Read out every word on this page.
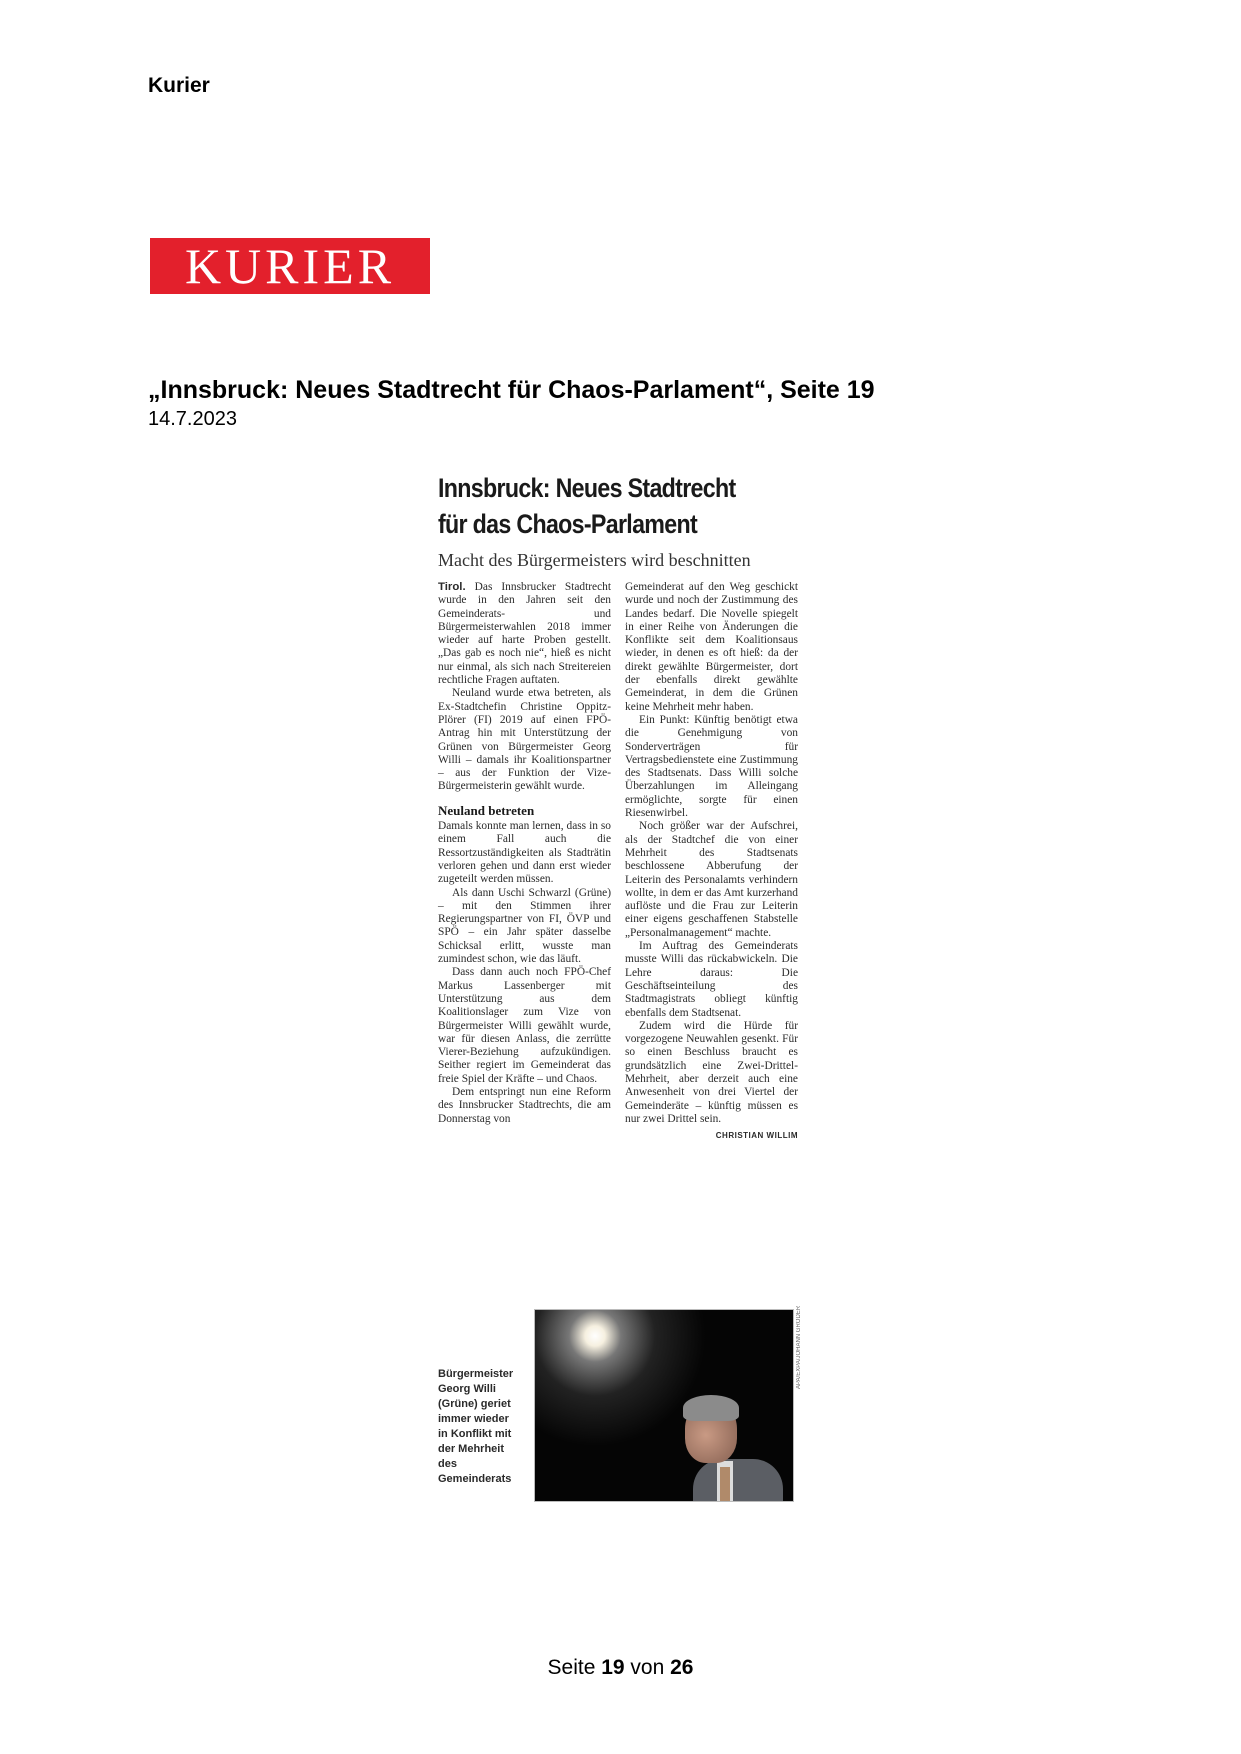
Kurier
KURIER
„Innsbruck: Neues Stadtrecht für Chaos-Parlament“, Seite 19
14.7.2023
Innsbruck: Neues Stadtrecht
für das Chaos-Parlament
Macht des Bürgermeisters wird beschnitten

Tirol. Das Innsbrucker Stadtrecht wurde in den Jahren seit den Gemeinderats- und Bürgermeisterwahlen 2018 immer wieder auf harte Proben gestellt. „Das gab es noch nie“, hieß es nicht nur einmal, als sich nach Streitereien rechtliche Fragen auftaten.

Neuland wurde etwa betreten, als Ex-Stadtchefin Christine Oppitz-Plörer (FI) 2019 auf einen FPÖ-Antrag hin mit Unterstützung der Grünen von Bürgermeister Georg Willi – damals ihr Koalitionspartner – aus der Funktion der Vize-Bürgermeisterin gewählt wurde.

Neuland betreten

Damals konnte man lernen, dass in so einem Fall auch die Ressortzuständigkeiten als Stadträtin verloren gehen und dann erst wieder zugeteilt werden müssen.

Als dann Uschi Schwarzl (Grüne) – mit den Stimmen ihrer Regierungspartner von FI, ÖVP und SPÖ – ein Jahr später dasselbe Schicksal erlitt, wusste man zumindest schon, wie das läuft.

Dass dann auch noch FPÖ-Chef Markus Lassenberger mit Unterstützung aus dem Koalitionslager zum Vize von Bürgermeister Willi gewählt wurde, war für diesen Anlass, die zerrütte Vierer-Beziehung aufzukündigen. Seither regiert im Gemeinderat das freie Spiel der Kräfte – und Chaos.

Dem entspringt nun eine Reform des Innsbrucker Stadtrechts, die am Donnerstag von

Gemeinderat auf den Weg geschickt wurde und noch der Zustimmung des Landes bedarf. Die Novelle spiegelt in einer Reihe von Änderungen die Konflikte seit dem Koalitionsaus wieder, in denen es oft hieß: da der direkt gewählte Bürgermeister, dort der ebenfalls direkt gewählte Gemeinderat, in dem die Grünen keine Mehrheit mehr haben.

Ein Punkt: Künftig benötigt etwa die Genehmigung von Sonderverträgen für Vertragsbedienstete eine Zustimmung des Stadtsenats. Dass Willi solche Überzahlungen im Alleingang ermöglichte, sorgte für einen Riesenwirbel.

Noch größer war der Aufschrei, als der Stadtchef die von einer Mehrheit des Stadtsenats beschlossene Abberufung der Leiterin des Personalamts verhindern wollte, in dem er das Amt kurzerhand auflöste und die Frau zur Leiterin einer eigens geschaffenen Stabstelle „Personalmanagement“ machte.

Im Auftrag des Gemeinderats musste Willi das rückabwickeln. Die Lehre daraus: Die Geschäftseinteilung des Stadtmagistrats obliegt künftig ebenfalls dem Stadtsenat.

Zudem wird die Hürde für vorgezogene Neuwahlen gesenkt. Für so einen Beschluss braucht es grundsätzlich eine Zwei-Drittel-Mehrheit, aber derzeit auch eine Anwesenheit von drei Viertel der Gemeinderäte – künftig müssen es nur zwei Drittel sein.

CHRISTIAN WILLIM
Bürgermeister Georg Willi (Grüne) geriet immer wieder in Konflikt mit der Mehrheit des Gemeinderats
APA/EXPA/JOHANN GRODER
Seite 19 von 26
